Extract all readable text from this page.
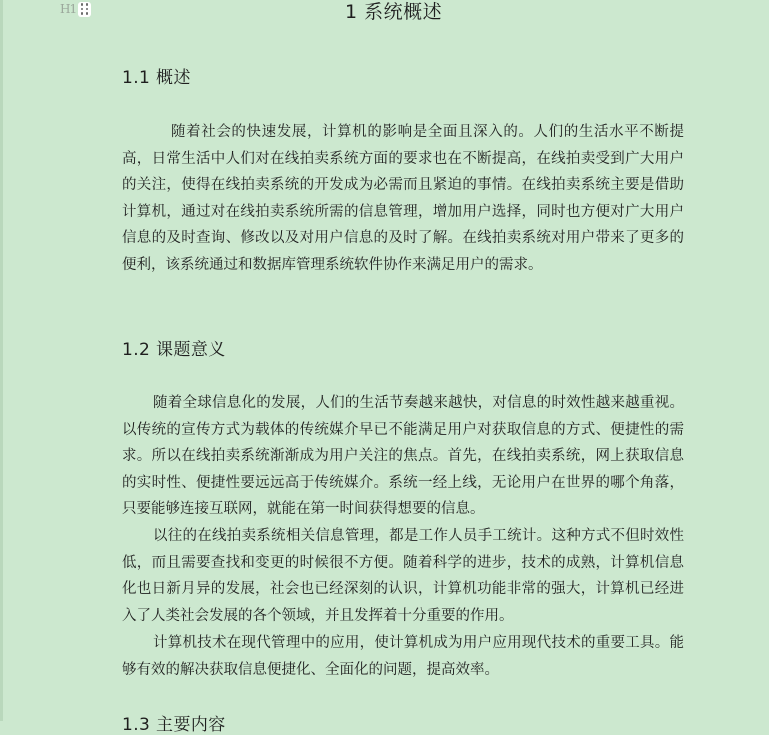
H1	1 系统概述
1.1 概述

随着社会的快速发展，计算机的影响是全面且深入的。人们的生活水平不断提高，日常生活中人们对在线拍卖系统方面的要求也在不断提高，在线拍卖受到广大用户的关注，使得在线拍卖系统的开发成为必需而且紧迫的事情。在线拍卖系统主要是借助计算机，通过对在线拍卖系统所需的信息管理，增加用户选择，同时也方便对广大用户信息的及时查询、修改以及对用户信息的及时了解。在线拍卖系统对用户带来了更多的便利，该系统通过和数据库管理系统软件协作来满足用户的需求。

1.2 课题意义

随着全球信息化的发展，人们的生活节奏越来越快，对信息的时效性越来越重视。以传统的宣传方式为载体的传统媒介早已不能满足用户对获取信息的方式、便捷性的需求。所以在线拍卖系统渐渐成为用户关注的焦点。首先，在线拍卖系统，网上获取信息的实时性、便捷性要远远高于传统媒介。系统一经上线，无论用户在世界的哪个角落，只要能够连接互联网，就能在第一时间获得想要的信息。

以往的在线拍卖系统相关信息管理，都是工作人员手工统计。这种方式不但时效性低，而且需要查找和变更的时候很不方便。随着科学的进步，技术的成熟，计算机信息化也日新月异的发展，社会也已经深刻的认识，计算机功能非常的强大，计算机已经进入了人类社会发展的各个领域，并且发挥着十分重要的作用。

计算机技术在现代管理中的应用，使计算机成为用户应用现代技术的重要工具。能够有效的解决获取信息便捷化、全面化的问题，提高效率。

1.3 主要内容
